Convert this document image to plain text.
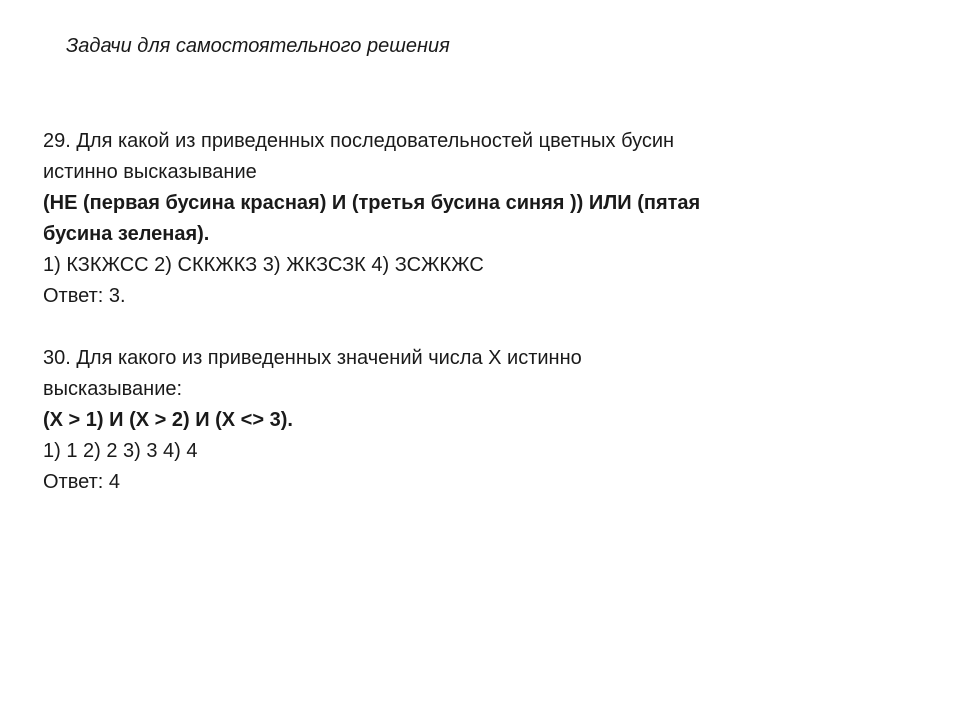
Задачи для самостоятельного решения
29. Для какой из приведенных последовательностей цветных бусин
истинно высказывание
(НЕ (первая бусина красная) И (третья бусина синяя )) ИЛИ (пятая
бусина зеленая).
1) КЗКЖСС 2) СККЖКЗ 3) ЖКЗСЗК 4) ЗСЖКЖС
Ответ: 3.
30. Для какого из приведенных значений числа X истинно
высказывание:
(X > 1) И (X > 2) И (X <> 3).
1) 1 2) 2 3) 3 4) 4
Ответ: 4
